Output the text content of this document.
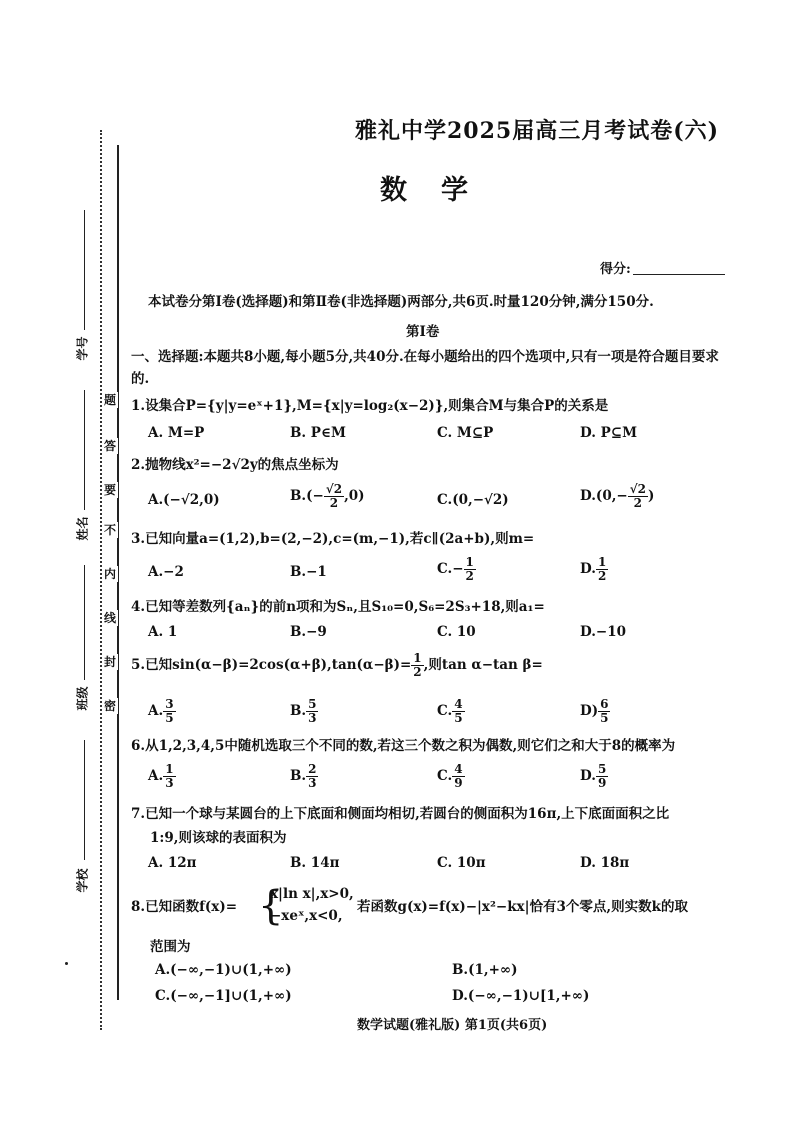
题
答
要
不
内
线
封
密
学号
姓名
班级
学校
雅礼中学2025届高三月考试卷(六)
数学
得分:
本试卷分第Ⅰ卷(选择题)和第Ⅱ卷(非选择题)两部分,共6页.时量120分钟,满分150分.
第Ⅰ卷
一、选择题:本题共8小题,每小题5分,共40分.在每小题给出的四个选项中,只有一项是符合题目要求的.
1.设集合P={y|y=eˣ+1},M={x|y=log₂(x−2)},则集合M与集合P的关系是
A. M=P	B. P∈M	C. M⊆P	D. P⊆M
2.抛物线x²=−2√2y的焦点坐标为
A.(−√2,0)	$B.(- \frac{√2}{2} ,0)$	C.(0,−√2)	$D.(0,- \frac{√2}{2}$ )
3.已知向量a=(1,2),b=(2,−2),c=(m,−1),若c∥(2a+b),则m=
A.−2	B.−1	$C.- \frac{1}{2}$	D. $\frac{1}{2}$
4.已知等差数列{aₙ}的前n项和为Sₙ,且S₁₀=0,S₆=2S₃+18,则a₁=
A. 1	B.−9	C. 10	D.−10
5.已知$\sin(\alpha-\beta)=2\cos(\alpha+\beta),\tan(\alpha-\beta)= \frac{1}{2}$ ,则tan α−tan β=
A. $\frac{3}{5}$	B. $\frac{5}{3}$	C. $\frac{4}{5}$	$D) \frac{6}{5}$
6.从1,2,3,4,5中随机选取三个不同的数,若这三个数之积为偶数,则它们之和大于8的概率为
A. $\frac{1}{3}$	B. $\frac{2}{3}$	C. $\frac{4}{9}$	D. $\frac{5}{9}$
7.已知一个球与某圆台的上下底面和侧面均相切,若圆台的侧面积为16π,上下底面面积之比
1:9,则该球的表面积为
A. 12π	B. 14π	C. 10π	D. 18π
8.已知函数f(x)= {
x|ln x|,x>0,
−xeˣ,x<0,
若函数g(x)=f(x)−|x²−kx|恰有3个零点,则实数k的取
范围为
A.(−∞,−1)∪(1,+∞)	B.(1,+∞)
C.(−∞,−1]∪(1,+∞)	D.(−∞,−1)∪[1,+∞)
数学试题(雅礼版) 第1页(共6页)
